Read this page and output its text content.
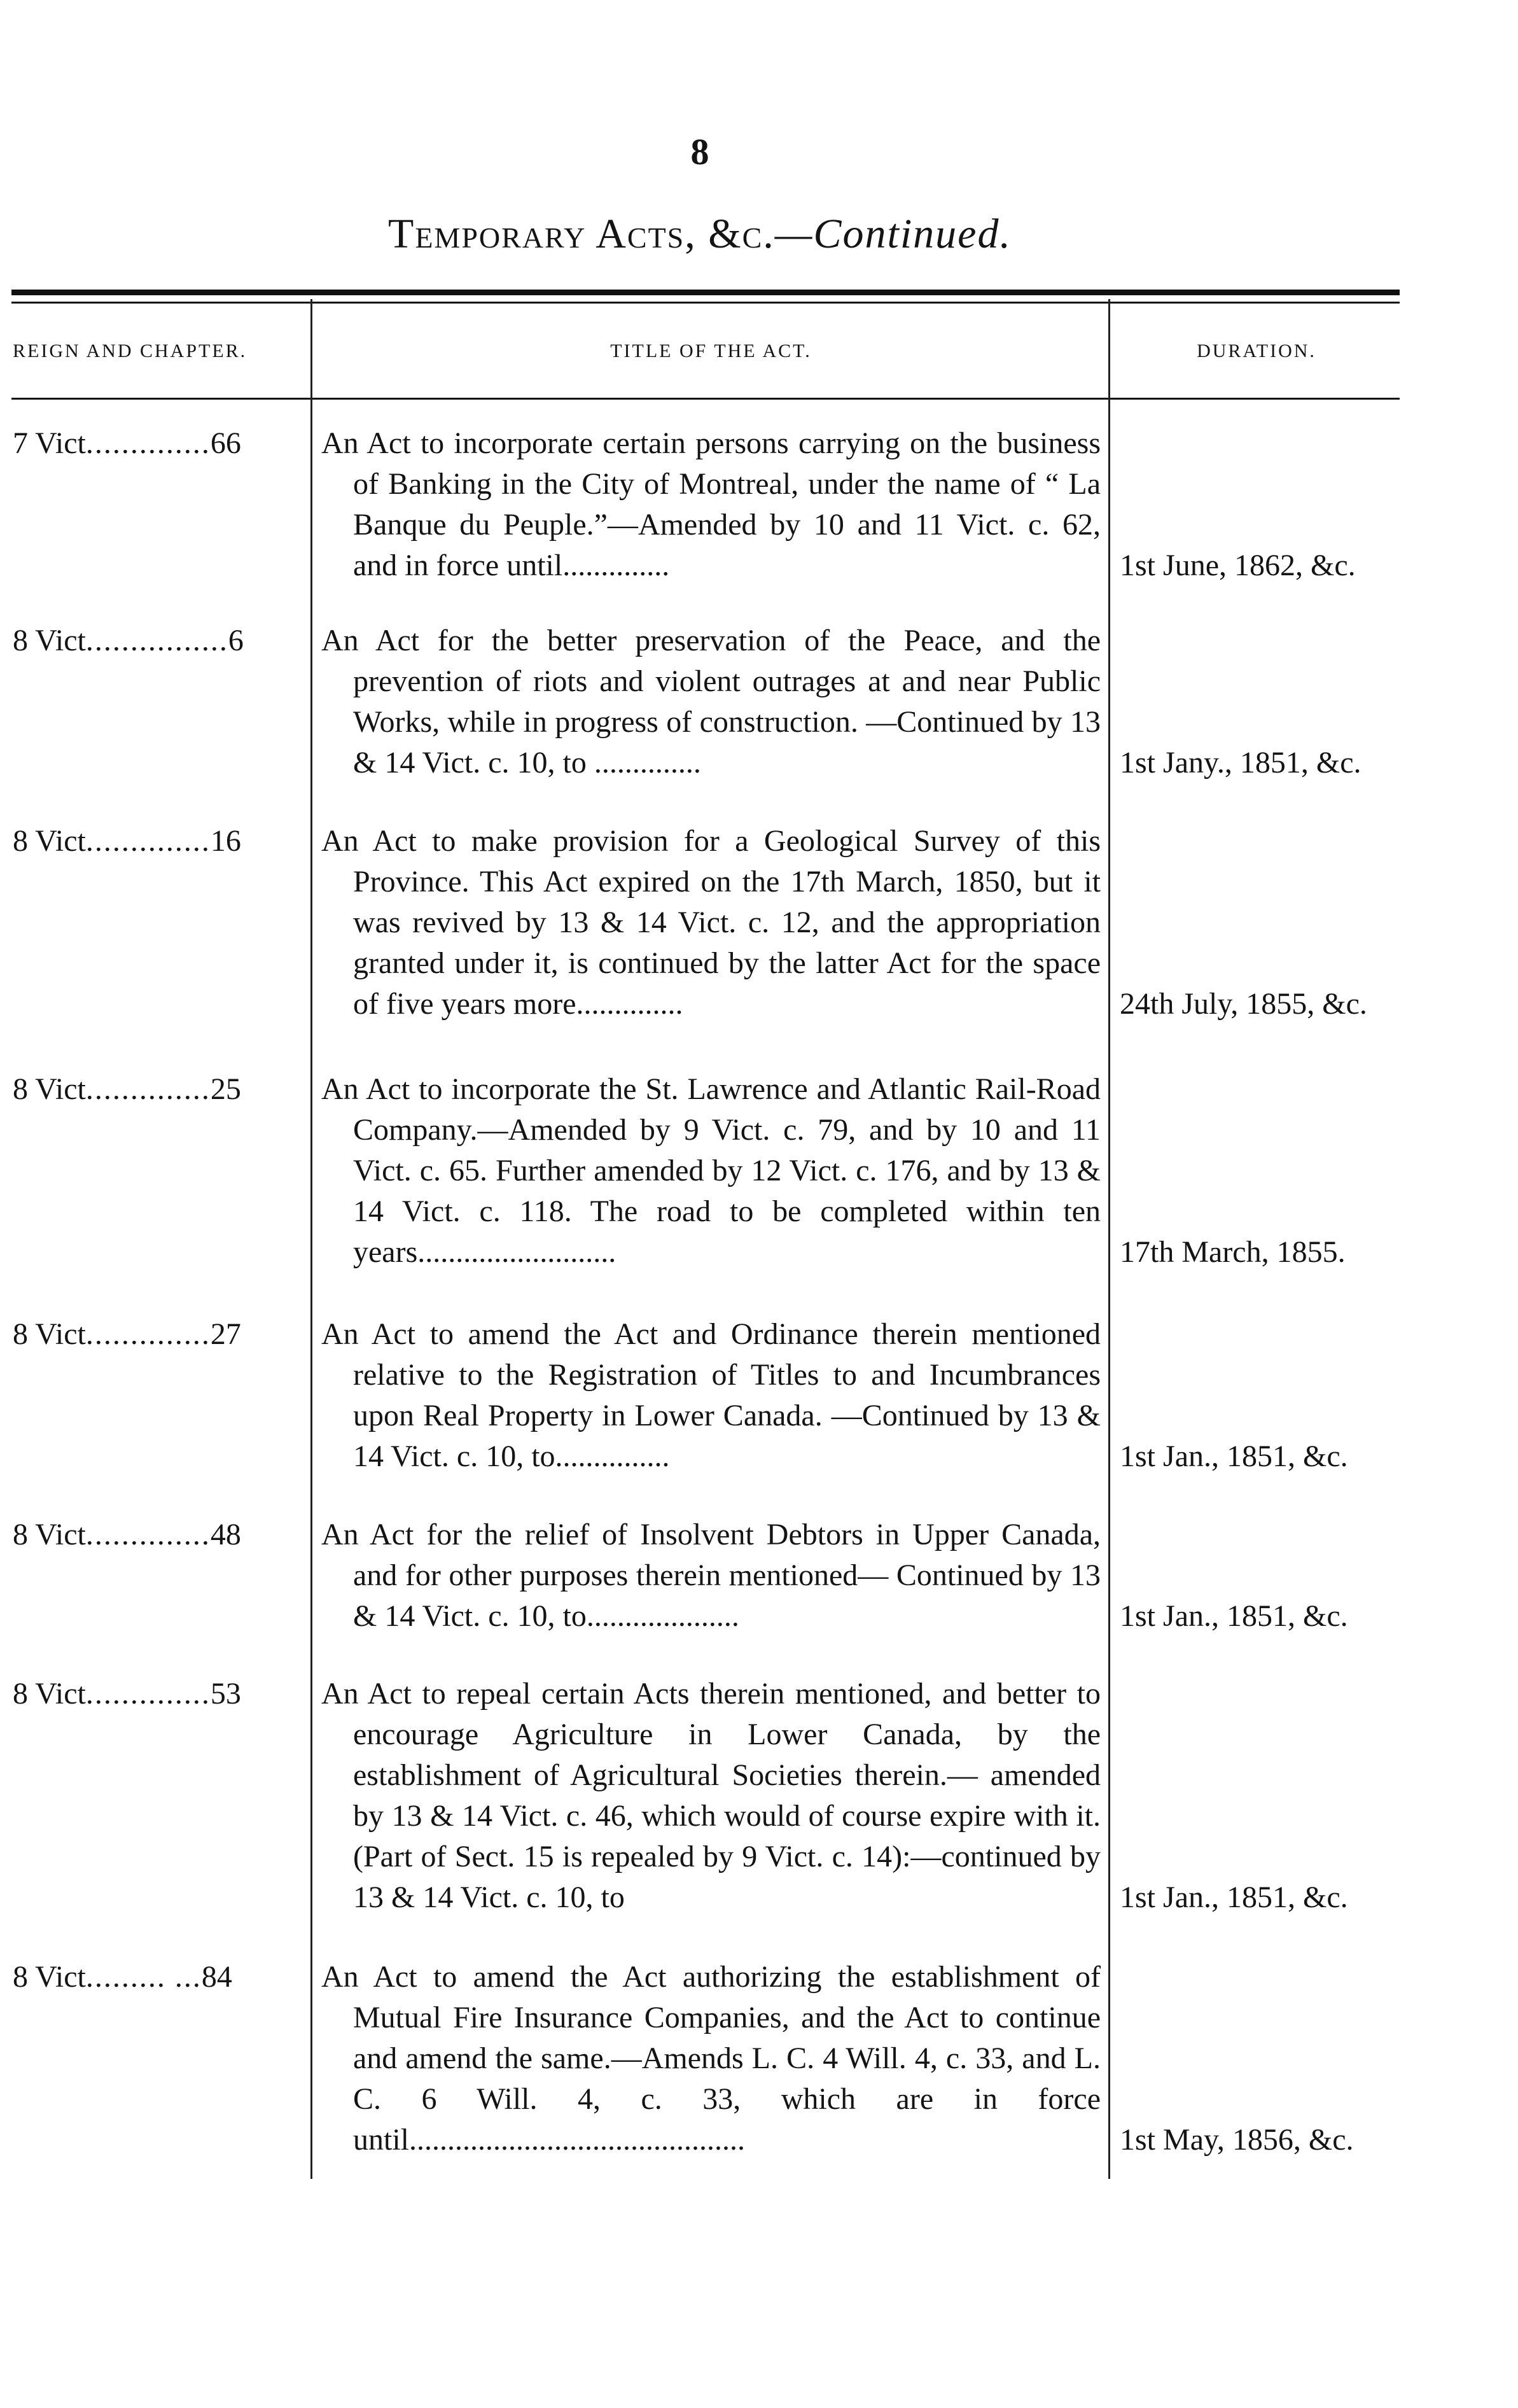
8
Temporary Acts, &c.—Continued.
REIGN AND CHAPTER.	TITLE OF THE ACT.	DURATION.
7 Vict..............66	An Act to incorporate certain persons carrying on the business of Banking in the City of Montreal, under the name of “ La Banque du Peuple.”—Amended by 10 and 11 Vict. c. 62, and in force until..............	1st June, 1862, &c.
8 Vict................6	An Act for the better preservation of the Peace, and the prevention of riots and violent outrages at and near Public Works, while in progress of construction. —Continued by 13 & 14 Vict. c. 10, to ..............	1st Jany., 1851, &c.
8 Vict..............16	An Act to make provision for a Geological Survey of this Province. This Act expired on the 17th March, 1850, but it was revived by 13 & 14 Vict. c. 12, and the appropriation granted under it, is continued by the latter Act for the space of five years more..............	24th July, 1855, &c.
8 Vict..............25	An Act to incorporate the St. Lawrence and Atlantic Rail-Road Company.—Amended by 9 Vict. c. 79, and by 10 and 11 Vict. c. 65. Further amended by 12 Vict. c. 176, and by 13 & 14 Vict. c. 118. The road to be completed within ten years..........................	17th March, 1855.
8 Vict..............27	An Act to amend the Act and Ordinance therein mentioned relative to the Registration of Titles to and Incumbrances upon Real Property in Lower Canada. —Continued by 13 & 14 Vict. c. 10, to...............	1st Jan., 1851, &c.
8 Vict..............48	An Act for the relief of Insolvent Debtors in Upper Canada, and for other purposes therein mentioned— Continued by 13 & 14 Vict. c. 10, to....................	1st Jan., 1851, &c.
8 Vict..............53	An Act to repeal certain Acts therein mentioned, and better to encourage Agriculture in Lower Canada, by the establishment of Agricultural Societies therein.— amended by 13 & 14 Vict. c. 46, which would of course expire with it. (Part of Sect. 15 is repealed by 9 Vict. c. 14):—continued by 13 & 14 Vict. c. 10, to	1st Jan., 1851, &c.
8 Vict......... ...84	An Act to amend the Act authorizing the establishment of Mutual Fire Insurance Companies, and the Act to continue and amend the same.—Amends L. C. 4 Will. 4, c. 33, and L. C. 6 Will. 4, c. 33, which are in force until............................................	1st May, 1856, &c.
